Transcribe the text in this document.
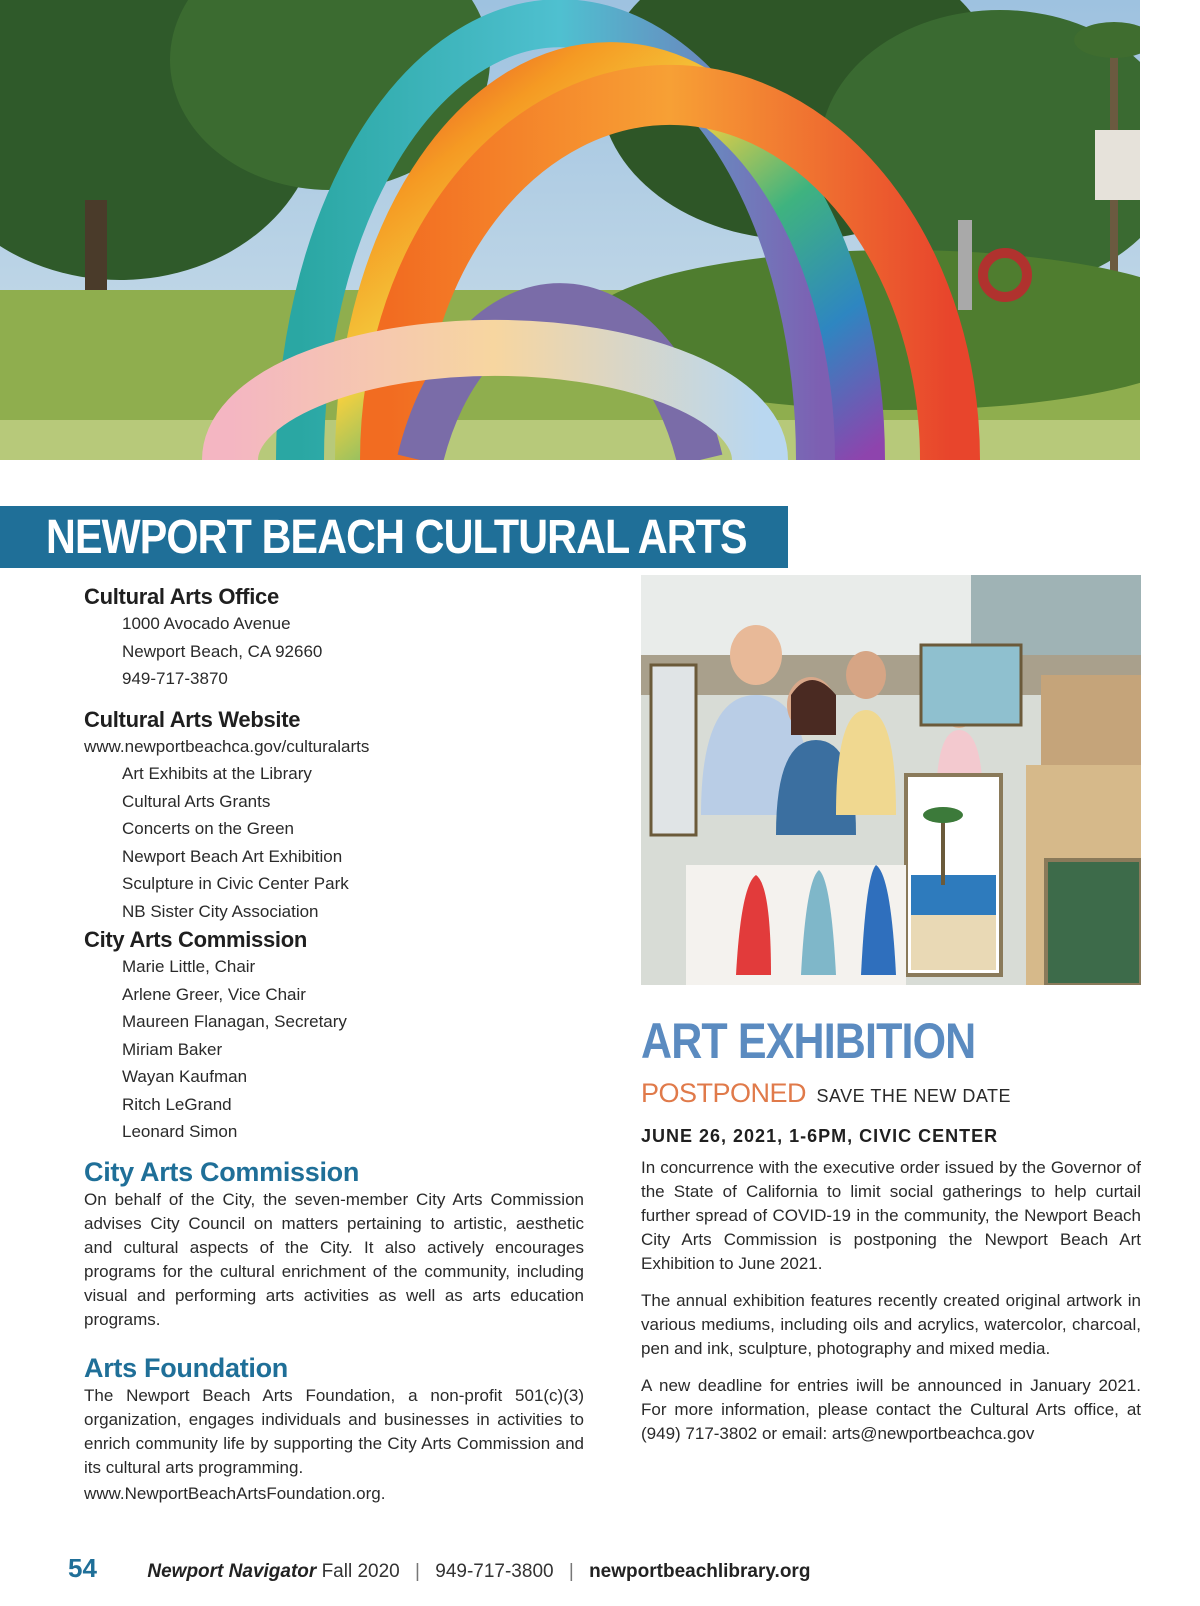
NEWPORT BEACH CULTURAL ARTS

Cultural Arts Office

1000 Avocado Avenue
Newport Beach, CA 92660
949-717-3870

Cultural Arts Website

www.newportbeachca.gov/culturalarts
Art Exhibits at the Library
Cultural Arts Grants
Concerts on the Green
Newport Beach Art Exhibition
Sculpture in Civic Center Park
NB Sister City Association

City Arts Commission

Marie Little, Chair
Arlene Greer, Vice Chair
Maureen Flanagan, Secretary
Miriam Baker
Wayan Kaufman
Ritch LeGrand
Leonard Simon

City Arts Commission

On behalf of the City, the seven-member City Arts Commission advises City Council on matters pertaining to artistic, aesthetic and cultural aspects of the City. It also actively encourages programs for the cultural enrichment of the community, including visual and performing arts activities as well as arts education programs.

Arts Foundation

The Newport Beach Arts Foundation, a non-profit 501(c)(3) organization, engages individuals and businesses in activities to enrich community life by supporting the City Arts Commission and its cultural arts programming.

www.NewportBeachArtsFoundation.org.

ART EXHIBITION

POSTPONED SAVE THE NEW DATE

JUNE 26, 2021, 1-6PM, CIVIC CENTER

In concurrence with the executive order issued by the Governor of the State of California to limit social gatherings to help curtail further spread of COVID-19 in the community, the Newport Beach City Arts Commission is postponing the Newport Beach Art Exhibition to June 2021.

The annual exhibition features recently created original artwork in various mediums, including oils and acrylics, watercolor, charcoal, pen and ink, sculpture, photography and mixed media.

A new deadline for entries iwill be announced in January 2021. For more information, please contact the Cultural Arts office, at (949) 717-3802 or email: arts@newportbeachca.gov

54	Newport Navigator Fall 2020 | 949-717-3800 | newportbeachlibrary.org
